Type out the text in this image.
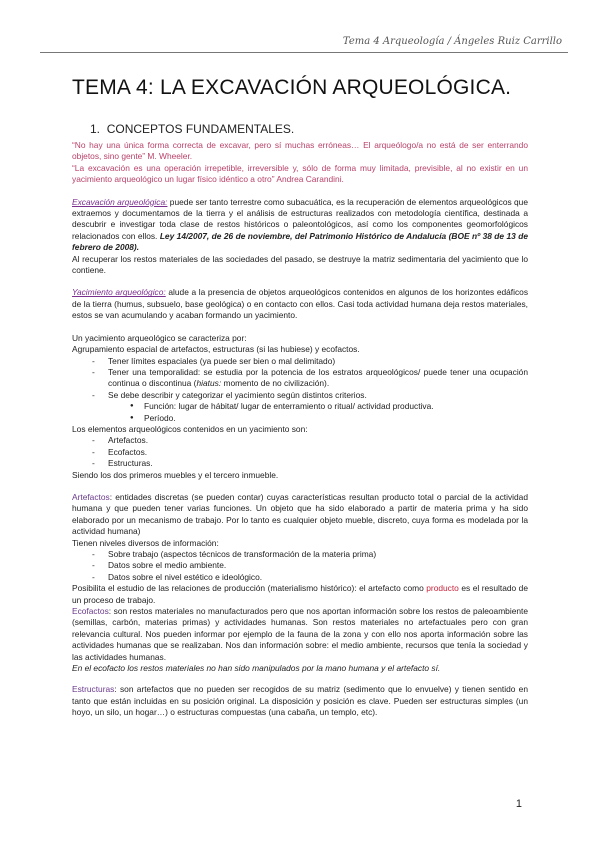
Tema 4 Arqueología / Ángeles Ruiz Carrillo
TEMA 4: LA EXCAVACIÓN ARQUEOLÓGICA.
1. CONCEPTOS FUNDAMENTALES.

“No hay una única forma correcta de excavar, pero sí muchas erróneas… El arqueólogo/a no está de ser enterrando objetos, sino gente” M. Wheeler.

“La excavación es una operación irrepetible, irreversible y, sólo de forma muy limitada, previsible, al no existir en un yacimiento arqueológico un lugar físico idéntico a otro” Andrea Carandini.

Excavación arqueológica: puede ser tanto terrestre como subacuática, es la recuperación de elementos arqueológicos que extraemos y documentamos de la tierra y el análisis de estructuras realizados con metodología científica, destinada a descubrir e investigar toda clase de restos históricos o paleontológicos, así como los componentes geomorfológicos relacionados con ellos. Ley 14/2007, de 26 de noviembre, del Patrimonio Histórico de Andalucía (BOE nº 38 de 13 de febrero de 2008).

Al recuperar los restos materiales de las sociedades del pasado, se destruye la matriz sedimentaria del yacimiento que lo contiene.

Yacimiento arqueológico: alude a la presencia de objetos arqueológicos contenidos en algunos de los horizontes edáficos de la tierra (humus, subsuelo, base geológica) o en contacto con ellos. Casi toda actividad humana deja restos materiales, estos se van acumulando y acaban formando un yacimiento.

Un yacimiento arqueológico se caracteriza por:

Agrupamiento espacial de artefactos, estructuras (si las hubiese) y ecofactos.

- Tener límites espaciales (ya puede ser bien o mal delimitado)
- Tener una temporalidad: se estudia por la potencia de los estratos arqueológicos/ puede tener una ocupación continua o discontinua (hiatus: momento de no civilización).
- Se debe describir y categorizar el yacimiento según distintos criterios.
● Función: lugar de hábitat/ lugar de enterramiento o ritual/ actividad productiva.
● Período.

Los elementos arqueológicos contenidos en un yacimiento son:

- Artefactos.
- Ecofactos.
- Estructuras.

Siendo los dos primeros muebles y el tercero inmueble.

Artefactos: entidades discretas (se pueden contar) cuyas características resultan producto total o parcial de la actividad humana y que pueden tener varias funciones. Un objeto que ha sido elaborado a partir de materia prima y ha sido elaborado por un mecanismo de trabajo. Por lo tanto es cualquier objeto mueble, discreto, cuya forma es modelada por la actividad humana)

Tienen niveles diversos de información:

- Sobre trabajo (aspectos técnicos de transformación de la materia prima)
- Datos sobre el medio ambiente.
- Datos sobre el nivel estético e ideológico.

Posibilita el estudio de las relaciones de producción (materialismo histórico): el artefacto como producto es el resultado de un proceso de trabajo.

Ecofactos: son restos materiales no manufacturados pero que nos aportan información sobre los restos de paleoambiente (semillas, carbón, materias primas) y actividades humanas. Son restos materiales no artefactuales pero con gran relevancia cultural. Nos pueden informar por ejemplo de la fauna de la zona y con ello nos aporta información sobre las actividades humanas que se realizaban. Nos dan información sobre: el medio ambiente, recursos que tenía la sociedad y las actividades humanas.

En el ecofacto los restos materiales no han sido manipulados por la mano humana y el artefacto sí.

Estructuras: son artefactos que no pueden ser recogidos de su matriz (sedimento que lo envuelve) y tienen sentido en tanto que están incluidas en su posición original. La disposición y posición es clave. Pueden ser estructuras simples (un hoyo, un silo, un hogar…) o estructuras compuestas (una cabaña, un templo, etc).

1
